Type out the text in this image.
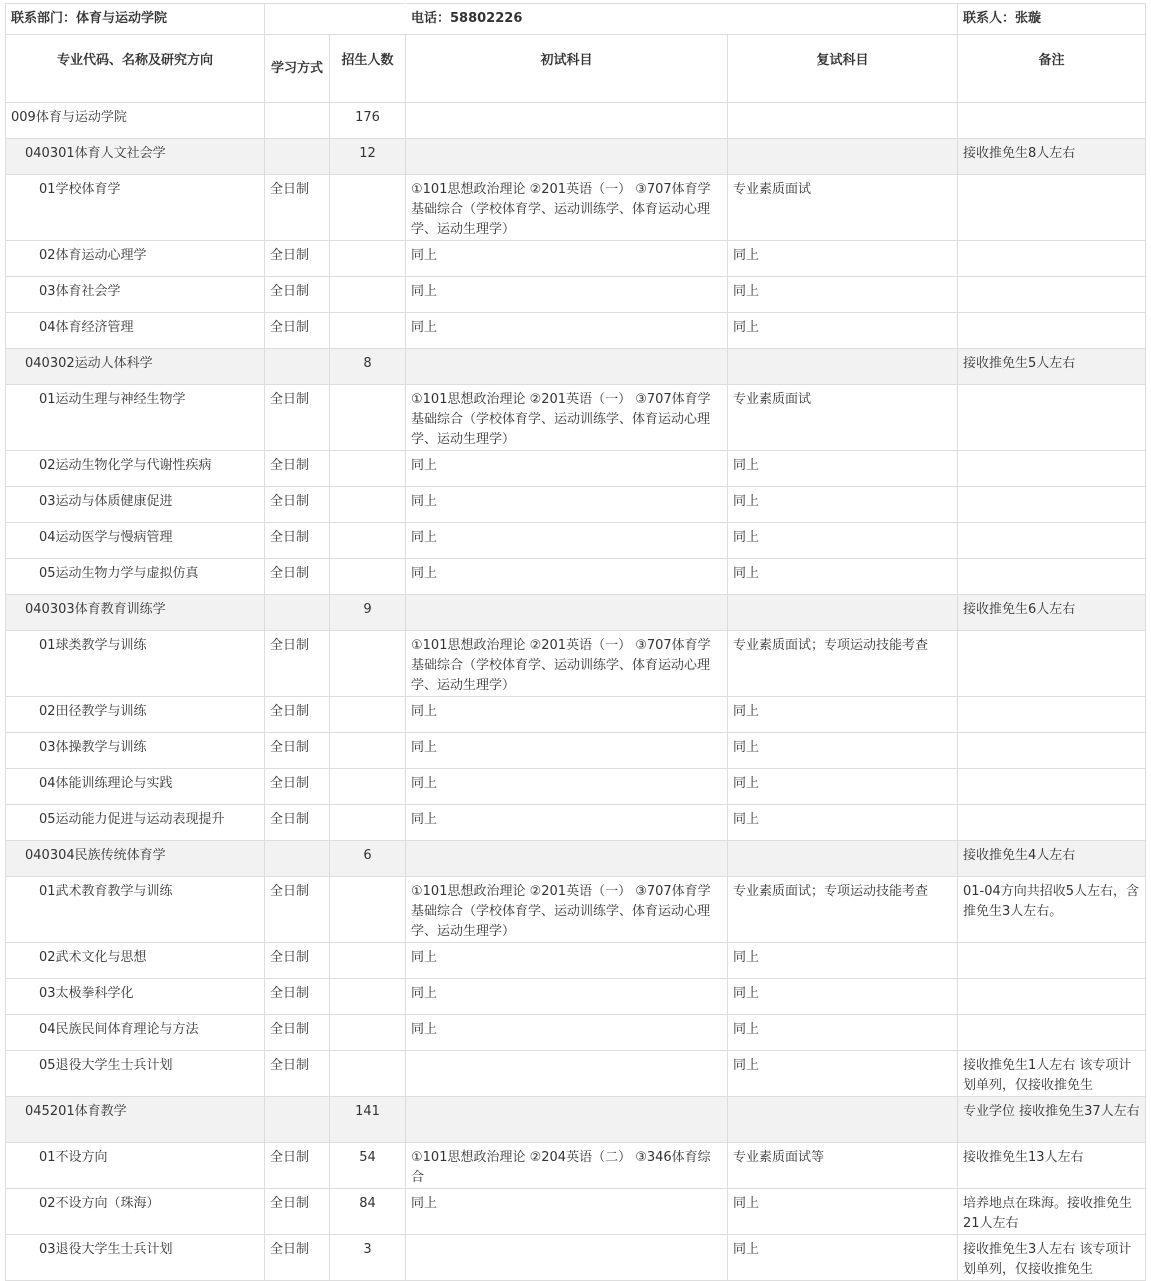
联系部门：体育与运动学院			电话：58802226		联系人：张璇
专业代码、名称及研究方向	学习方式	招生人数	初试科目	复试科目	备注
009体育与运动学院		176			
040301体育人文社会学		12			接收推免生8人左右
01学校体育学	全日制		①101思想政治理论 ②201英语（一） ③707体育学基础综合（学校体育学、运动训练学、体育运动心理学、运动生理学）	专业素质面试	
02体育运动心理学	全日制		同上	同上	
03体育社会学	全日制		同上	同上	
04体育经济管理	全日制		同上	同上	
040302运动人体科学		8			接收推免生5人左右
01运动生理与神经生物学	全日制		①101思想政治理论 ②201英语（一） ③707体育学基础综合（学校体育学、运动训练学、体育运动心理学、运动生理学）	专业素质面试	
02运动生物化学与代谢性疾病	全日制		同上	同上	
03运动与体质健康促进	全日制		同上	同上	
04运动医学与慢病管理	全日制		同上	同上	
05运动生物力学与虚拟仿真	全日制		同上	同上	
040303体育教育训练学		9			接收推免生6人左右
01球类教学与训练	全日制		①101思想政治理论 ②201英语（一） ③707体育学基础综合（学校体育学、运动训练学、体育运动心理学、运动生理学）	专业素质面试；专项运动技能考查	
02田径教学与训练	全日制		同上	同上	
03体操教学与训练	全日制		同上	同上	
04体能训练理论与实践	全日制		同上	同上	
05运动能力促进与运动表现提升	全日制		同上	同上	
040304民族传统体育学		6			接收推免生4人左右
01武术教育教学与训练	全日制		①101思想政治理论 ②201英语（一） ③707体育学基础综合（学校体育学、运动训练学、体育运动心理学、运动生理学）	专业素质面试；专项运动技能考查	01-04方向共招收5人左右，含推免生3人左右。
02武术文化与思想	全日制		同上	同上	
03太极拳科学化	全日制		同上	同上	
04民族民间体育理论与方法	全日制		同上	同上	
05退役大学生士兵计划	全日制			同上	接收推免生1人左右 该专项计划单列，仅接收推免生
045201体育教学		141			专业学位 接收推免生37人左右
01不设方向	全日制	54	①101思想政治理论 ②204英语（二） ③346体育综合	专业素质面试等	接收推免生13人左右
02不设方向（珠海）	全日制	84	同上	同上	培养地点在珠海。接收推免生21人左右
03退役大学生士兵计划	全日制	3		同上	接收推免生3人左右 该专项计划单列，仅接收推免生
